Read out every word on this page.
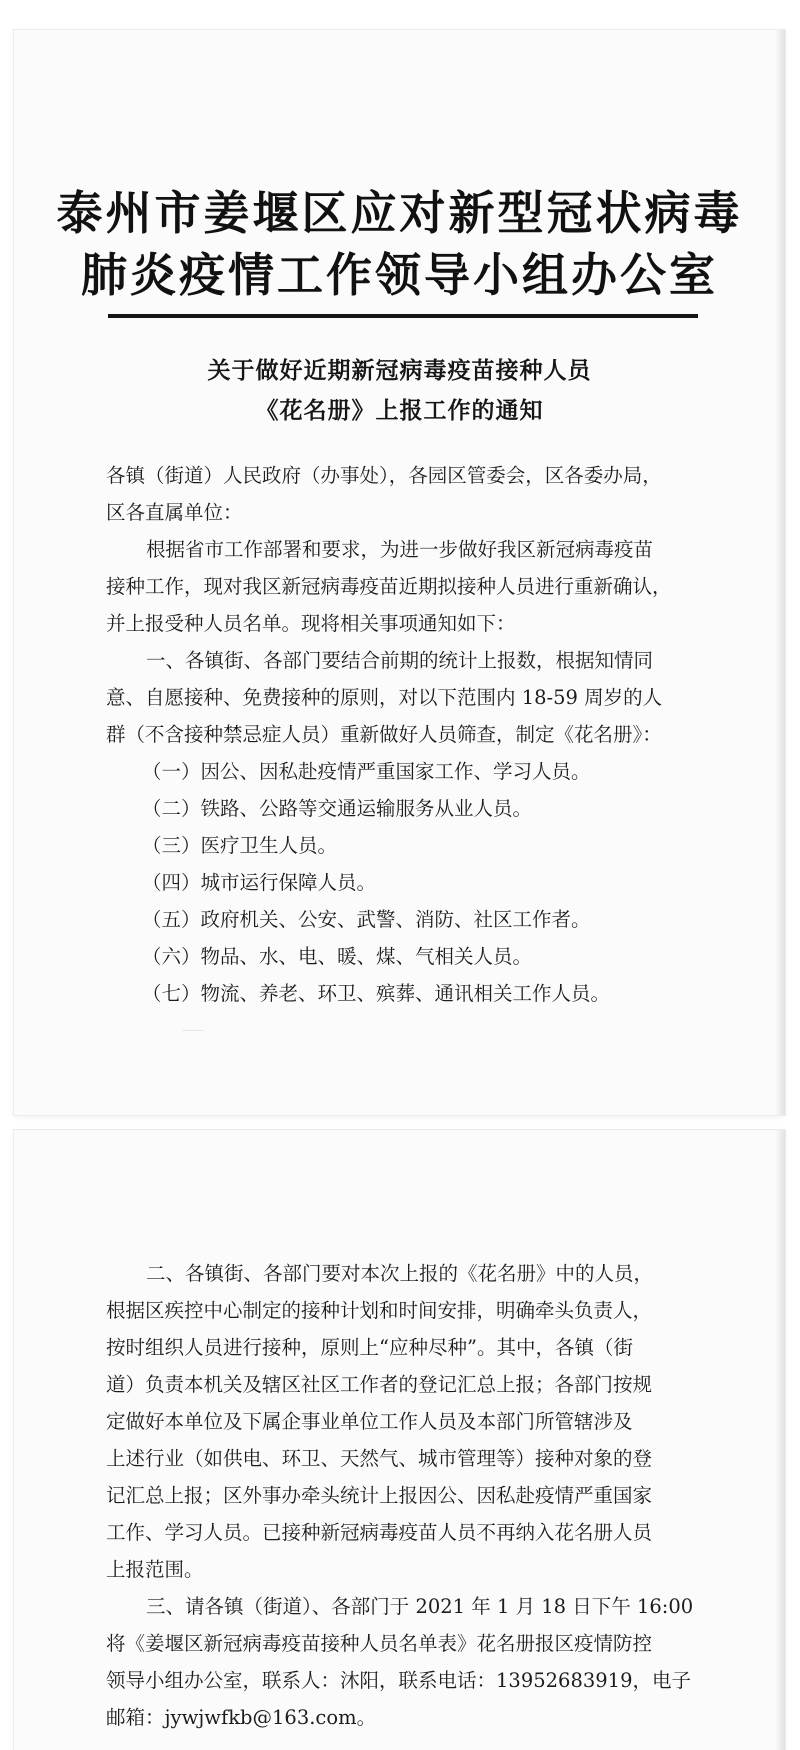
泰州市姜堰区应对新型冠状病毒
肺炎疫情工作领导小组办公室
关于做好近期新冠病毒疫苗接种人员
《花名册》上报工作的通知

各镇（街道）人民政府（办事处），各园区管委会，区各委办局，

区各直属单位：

根据省市工作部署和要求，为进一步做好我区新冠病毒疫苗

接种工作，现对我区新冠病毒疫苗近期拟接种人员进行重新确认，

并上报受种人员名单。现将相关事项通知如下：

一、各镇街、各部门要结合前期的统计上报数，根据知情同

意、自愿接种、免费接种的原则，对以下范围内 18-59 周岁的人

群（不含接种禁忌症人员）重新做好人员筛查，制定《花名册》：

（一）因公、因私赴疫情严重国家工作、学习人员。

（二）铁路、公路等交通运输服务从业人员。

（三）医疗卫生人员。

（四）城市运行保障人员。

（五）政府机关、公安、武警、消防、社区工作者。

（六）物品、水、电、暖、煤、气相关人员。

（七）物流、养老、环卫、殡葬、通讯相关工作人员。

二、各镇街、各部门要对本次上报的《花名册》中的人员，

根据区疾控中心制定的接种计划和时间安排，明确牵头负责人，

按时组织人员进行接种，原则上“应种尽种”。其中，各镇（街

道）负责本机关及辖区社区工作者的登记汇总上报；各部门按规

定做好本单位及下属企事业单位工作人员及本部门所管辖涉及

上述行业（如供电、环卫、天然气、城市管理等）接种对象的登

记汇总上报；区外事办牵头统计上报因公、因私赴疫情严重国家

工作、学习人员。已接种新冠病毒疫苗人员不再纳入花名册人员

上报范围。

三、请各镇（街道）、各部门于 2021 年 1 月 18 日下午 16:00

将《姜堰区新冠病毒疫苗接种人员名单表》花名册报区疫情防控

领导小组办公室，联系人：沐阳，联系电话：13952683919，电子

邮箱：jywjwfkb@163.com。
